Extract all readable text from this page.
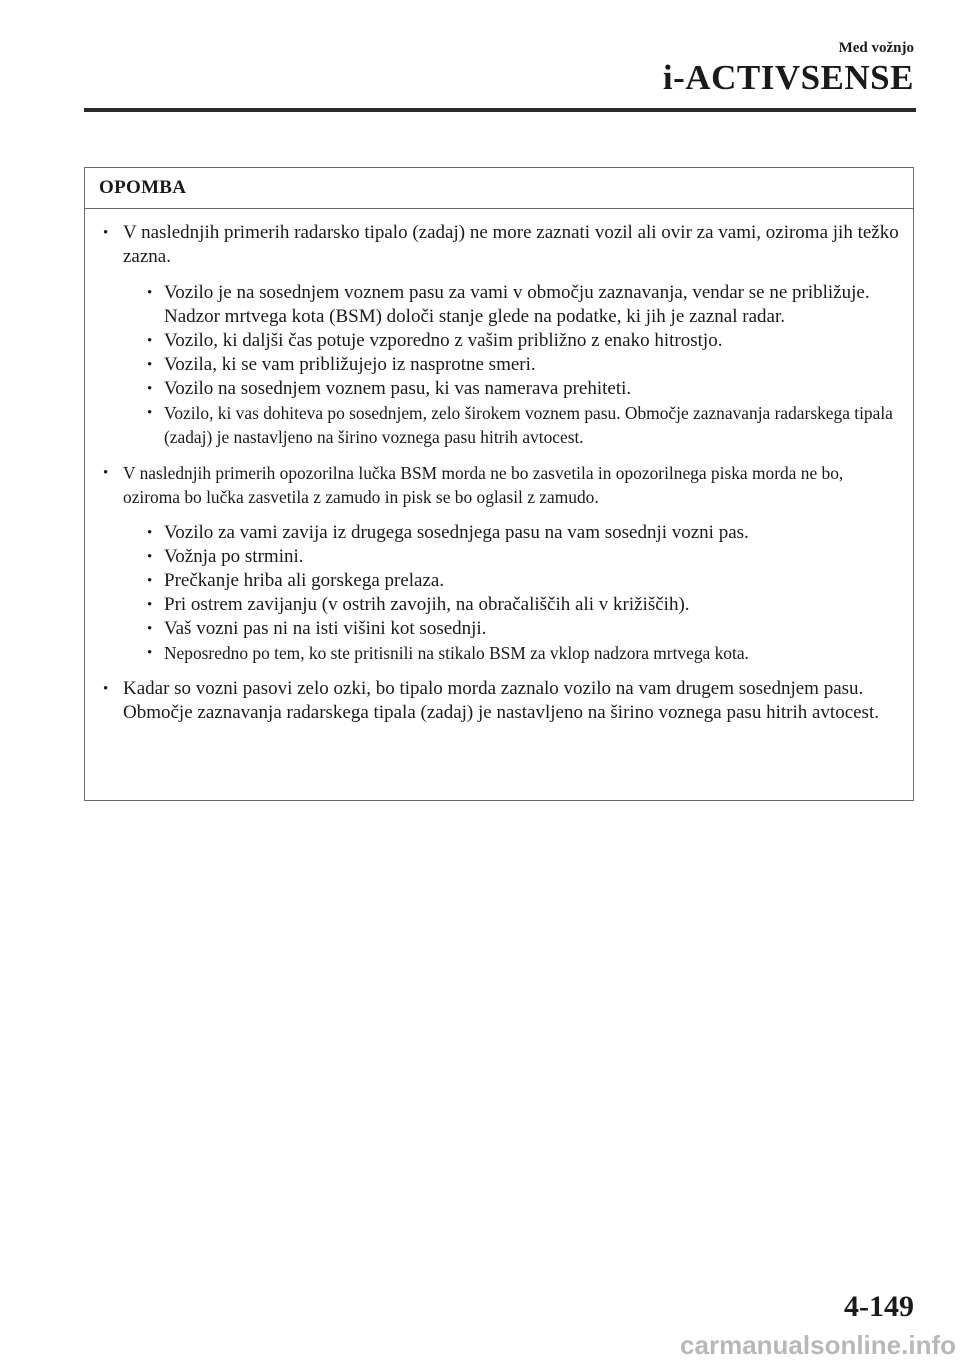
Med vožnjo
i-ACTIVSENSE
OPOMBA
• V naslednjih primerih radarsko tipalo (zadaj) ne more zaznati vozil ali ovir za vami, oziroma jih težko zazna.
• Vozilo je na sosednjem voznem pasu za vami v območju zaznavanja, vendar se ne približuje. Nadzor mrtvega kota (BSM) določi stanje glede na podatke, ki jih je zaznal radar.
• Vozilo, ki daljši čas potuje vzporedno z vašim približno z enako hitrostjo.
• Vozila, ki se vam približujejo iz nasprotne smeri.
• Vozilo na sosednjem voznem pasu, ki vas namerava prehiteti.
• Vozilo, ki vas dohiteva po sosednjem, zelo širokem voznem pasu. Območje zaznavanja radarskega tipala (zadaj) je nastavljeno na širino voznega pasu hitrih avtocest.
• V naslednjih primerih opozorilna lučka BSM morda ne bo zasvetila in opozorilnega piska morda ne bo, oziroma bo lučka zasvetila z zamudo in pisk se bo oglasil z zamudo.
• Vozilo za vami zavija iz drugega sosednjega pasu na vam sosednji vozni pas.
• Vožnja po strmini.
• Prečkanje hriba ali gorskega prelaza.
• Pri ostrem zavijanju (v ostrih zavojih, na obračališčih ali v križiščih).
• Vaš vozni pas ni na isti višini kot sosednji.
• Neposredno po tem, ko ste pritisnili na stikalo BSM za vklop nadzora mrtvega kota.
• Kadar so vozni pasovi zelo ozki, bo tipalo morda zaznalo vozilo na vam drugem sosednjem pasu. Območje zaznavanja radarskega tipala (zadaj) je nastavljeno na širino voznega pasu hitrih avtocest.
4-149
carmanualsonline.info
